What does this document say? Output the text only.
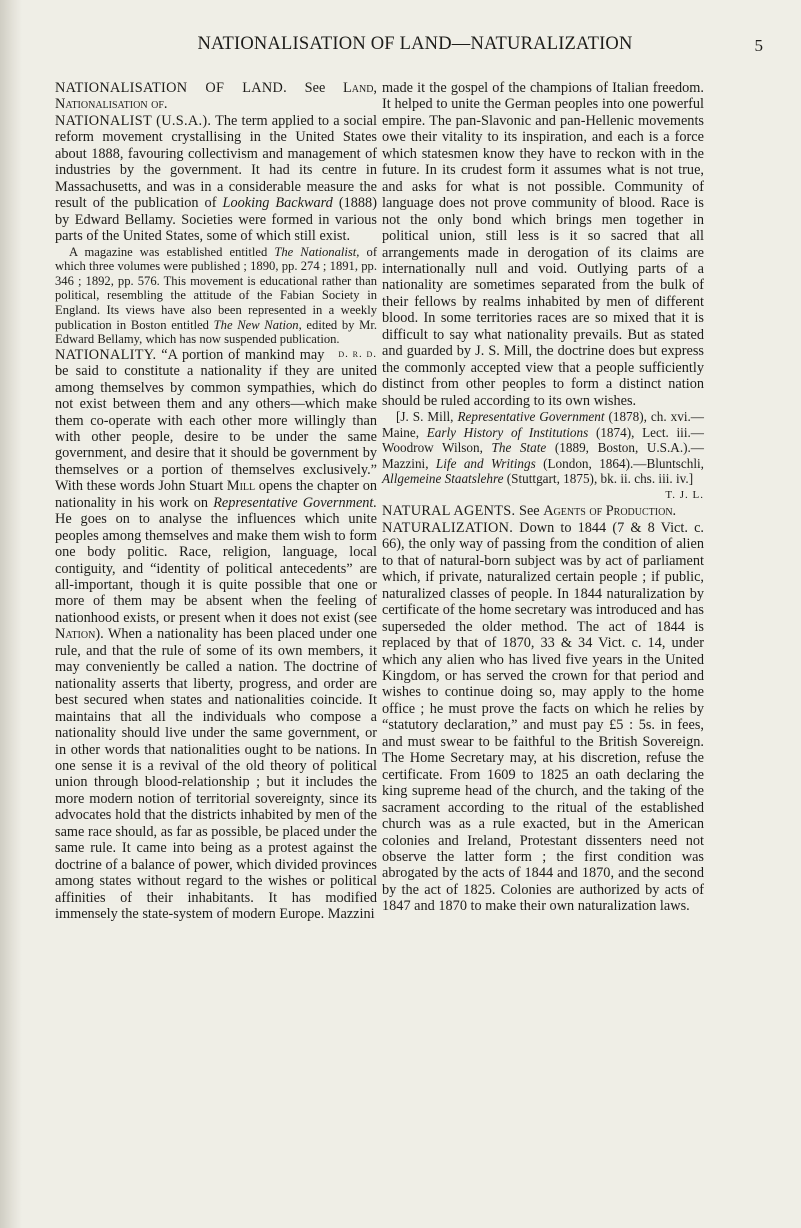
NATIONALISATION OF LAND—NATURALIZATION	5

NATIONALISATION OF LAND. See Land, Nationalisation of.

NATIONALIST (U.S.A.). The term applied to a social reform movement crystallising in the United States about 1888, favouring collectivism and management of industries by the government. It had its centre in Massachusetts, and was in a considerable measure the result of the publication of Looking Backward (1888) by Edward Bellamy. Societies were formed in various parts of the United States, some of which still exist.

A magazine was established entitled The Nationalist, of which three volumes were published ; 1890, pp. 274 ; 1891, pp. 346 ; 1892, pp. 576. This movement is educational rather than political, resembling the attitude of the Fabian Society in England. Its views have also been represented in a weekly publication in Boston entitled The New Nation, edited by Mr. Edward Bellamy, which has now suspended publication.
d. r. d.

NATIONALITY. “A portion of mankind may be said to constitute a nationality if they are united among themselves by common sympathies, which do not exist between them and any others—which make them co-operate with each other more willingly than with other people, desire to be under the same government, and desire that it should be government by themselves or a portion of themselves exclusively.” With these words John Stuart Mill opens the chapter on nationality in his work on Representative Government. He goes on to analyse the influences which unite peoples among themselves and make them wish to form one body politic. Race, religion, language, local contiguity, and “identity of political antecedents” are all-important, though it is quite possible that one or more of them may be absent when the feeling of nationhood exists, or present when it does not exist (see Nation). When a nationality has been placed under one rule, and that the rule of some of its own members, it may conveniently be called a nation. The doctrine of nationality asserts that liberty, progress, and order are best secured when states and nationalities coincide. It maintains that all the individuals who compose a nationality should live under the same government, or in other words that nationalities ought to be nations. In one sense it is a revival of the old theory of political union through blood-relationship ; but it includes the more modern notion of territorial sovereignty, since its advocates hold that the districts inhabited by men of the same race should, as far as possible, be placed under the same rule. It came into being as a protest against the doctrine of a balance of power, which divided provinces among states without regard to the wishes or political affinities of their inhabitants. It has modified immensely the state-system of modern Europe. Mazzini

made it the gospel of the champions of Italian freedom. It helped to unite the German peoples into one powerful empire. The pan-Slavonic and pan-Hellenic movements owe their vitality to its inspiration, and each is a force which statesmen know they have to reckon with in the future. In its crudest form it assumes what is not true, and asks for what is not possible. Community of language does not prove community of blood. Race is not the only bond which brings men together in political union, still less is it so sacred that all arrangements made in derogation of its claims are internationally null and void. Outlying parts of a nationality are sometimes separated from the bulk of their fellows by realms inhabited by men of different blood. In some territories races are so mixed that it is difficult to say what nationality prevails. But as stated and guarded by J. S. Mill, the doctrine does but express the commonly accepted view that a people sufficiently distinct from other peoples to form a distinct nation should be ruled according to its own wishes.

[J. S. Mill, Representative Government (1878), ch. xvi.—Maine, Early History of Institutions (1874), Lect. iii.—Woodrow Wilson, The State (1889, Boston, U.S.A.).—Mazzini, Life and Writings (London, 1864).—Bluntschli, Allgemeine Staatslehre (Stuttgart, 1875), bk. ii. chs. iii. iv.]

T. J. L.

NATURAL AGENTS. See Agents of Production.

NATURALIZATION. Down to 1844 (7 & 8 Vict. c. 66), the only way of passing from the condition of alien to that of natural-born subject was by act of parliament which, if private, naturalized certain people ; if public, naturalized classes of people. In 1844 naturalization by certificate of the home secretary was introduced and has superseded the older method. The act of 1844 is replaced by that of 1870, 33 & 34 Vict. c. 14, under which any alien who has lived five years in the United Kingdom, or has served the crown for that period and wishes to continue doing so, may apply to the home office ; he must prove the facts on which he relies by “statutory declaration,” and must pay £5 : 5s. in fees, and must swear to be faithful to the British Sovereign. The Home Secretary may, at his discretion, refuse the certificate. From 1609 to 1825 an oath declaring the king supreme head of the church, and the taking of the sacrament according to the ritual of the established church was as a rule exacted, but in the American colonies and Ireland, Protestant dissenters need not observe the latter form ; the first condition was abrogated by the acts of 1844 and 1870, and the second by the act of 1825. Colonies are authorized by acts of 1847 and 1870 to make their own naturalization laws.
